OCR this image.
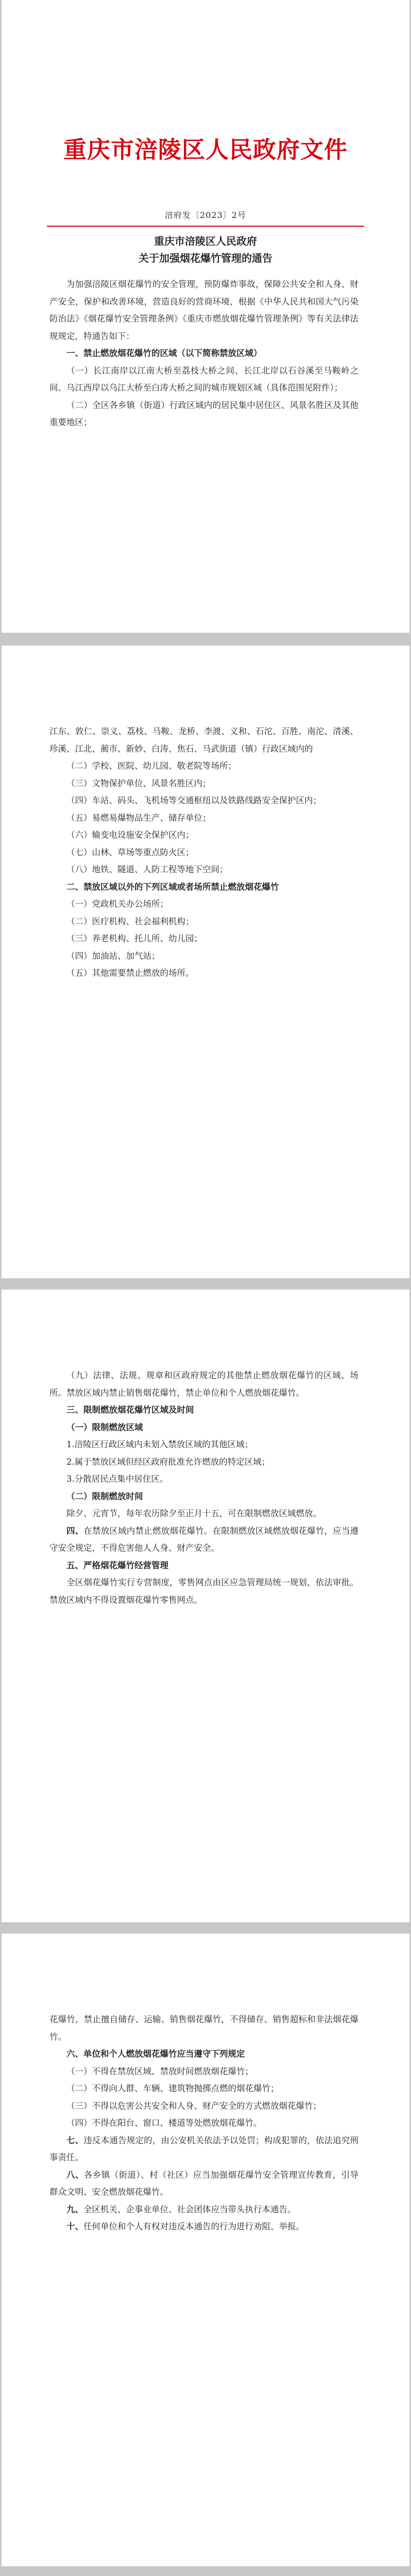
重庆市涪陵区人民政府文件
涪府发〔2023〕2号
重庆市涪陵区人民政府
关于加强烟花爆竹管理的通告

为加强涪陵区烟花爆竹的安全管理，预防爆炸事故，保障公共安全和人身、财产安全，保护和改善环境，营造良好的营商环境，根据《中华人民共和国大气污染防治法》《烟花爆竹安全管理条例》《重庆市燃放烟花爆竹管理条例》等有关法律法规规定，特通告如下：

一、禁止燃放烟花爆竹的区域（以下简称禁放区域）

（一）长江南岸以江南大桥至荔枝大桥之间、长江北岸以石谷溪至马鞍岭之间、乌江西岸以乌江大桥至白涛大桥之间的城市规划区域（具体范围见附件）；

（二）全区各乡镇（街道）行政区域内的居民集中居住区、风景名胜区及其他重要地区；

江东、敦仁、崇义、荔枝、马鞍、龙桥、李渡、义和、石沱、百胜、南沱、清溪、珍溪、江北、蔺市、新妙、白涛、焦石、马武街道（镇）行政区域内的

（二）学校、医院、幼儿园、敬老院等场所；

（三）文物保护单位、风景名胜区内；

（四）车站、码头、飞机场等交通枢纽以及铁路线路安全保护区内；

（五）易燃易爆物品生产、储存单位；

（六）输变电设施安全保护区内；

（七）山林、草场等重点防火区；

（八）地铁、隧道、人防工程等地下空间；

二、禁放区域以外的下列区域或者场所禁止燃放烟花爆竹

（一）党政机关办公场所；

（二）医疗机构、社会福利机构；

（三）养老机构、托儿所、幼儿园；

（四）加油站、加气站；

（五）其他需要禁止燃放的场所。

（九）法律、法规、规章和区政府规定的其他禁止燃放烟花爆竹的区域、场所。禁放区域内禁止销售烟花爆竹，禁止单位和个人燃放烟花爆竹。

三、限制燃放烟花爆竹区域及时间

（一）限制燃放区域

1.涪陵区行政区域内未划入禁放区域的其他区域；

2.属于禁放区域但经区政府批准允许燃放的特定区域；

3.分散居民点集中居住区。

（二）限制燃放时间

除夕、元宵节，每年农历除夕至正月十五，可在限制燃放区域燃放。

四、在禁放区域内禁止燃放烟花爆竹。在限制燃放区域燃放烟花爆竹，应当遵守安全规定，不得危害他人人身、财产安全。

五、严格烟花爆竹经营管理

全区烟花爆竹实行专营制度，零售网点由区应急管理局统一规划，依法审批。禁放区域内不得设置烟花爆竹零售网点。

花爆竹，禁止擅自储存、运输、销售烟花爆竹，不得储存、销售超标和非法烟花爆竹。

六、单位和个人燃放烟花爆竹应当遵守下列规定

（一）不得在禁放区域、禁放时间燃放烟花爆竹；

（二）不得向人群、车辆、建筑物抛掷点燃的烟花爆竹；

（三）不得以危害公共安全和人身、财产安全的方式燃放烟花爆竹；

（四）不得在阳台、窗口、楼道等处燃放烟花爆竹。

七、违反本通告规定的，由公安机关依法予以处罚；构成犯罪的，依法追究刑事责任。

八、各乡镇（街道）、村（社区）应当加强烟花爆竹安全管理宣传教育，引导群众文明、安全燃放烟花爆竹。

九、全区机关、企事业单位、社会团体应当带头执行本通告。

十、任何单位和个人有权对违反本通告的行为进行劝阻、举报。
